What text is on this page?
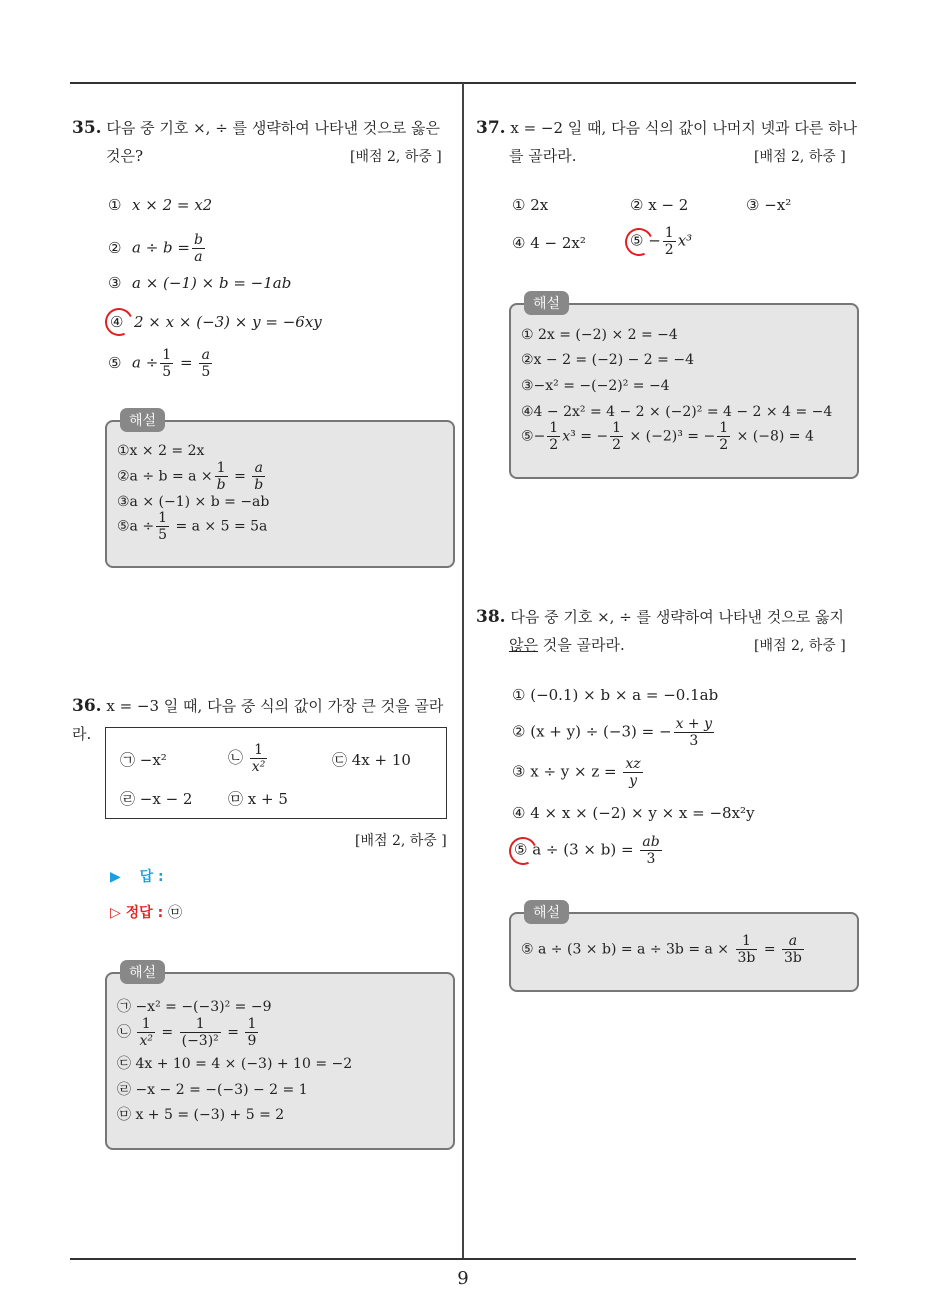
9
35. 다음 중 기호 ×, ÷ 를 생략하여 나타낸 것으로 옳은
것은?	[배점 2, 하중 ]
① x × 2 = x2
② $a \div b = \frac{b}{a}$
③ a × (−1) × b = −1ab
④ 2 × x × (−3) × y = −6xy
⑤ $a \div \frac{1}{5} = \frac{a}{5}$
해설
①x × 2 = 2x
②a ÷ $b = a \times \frac{1}{b} = \frac{a}{b}$
③a × (−1) × b = −ab
⑤a ÷ $\frac{1}{5} = a \times 5 = 5a$
36. x = −3 일 때, 다음 중 식의 값이 가장 큰 것을 골라라.
㉠ −x²	㉡ $\frac{1}{\text{x²}}$	㉢ 4x + 10
㉣ −x − 2 ㉤ x + 5
[배점 2, 하중 ]
▶ 답 :
▷ 정답 : ㉤
해설
㉠ −x² = −(−3)² = −9
㉡ $\frac{1}{\text{x²}} = \frac{1}{\text{(−3)²}} = \frac{1}{9}$
㉢ 4x + 10 = 4 × (−3) + 10 = −2
㉣ −x − 2 = −(−3) − 2 = 1
㉤ x + 5 = (−3) + 5 = 2
37. x = −2 일 때, 다음 식의 값이 나머지 넷과 다른 하나
를 골라라.	[배점 2, 하중 ]
① 2x	② x − 2	③ −x²
④ 4 − 2x²	⑤ − $\frac{1}{2} x^3$
해설
① 2x = (−2) × 2 = −4
②x − 2 = (−2) − 2 = −4
③−x² = −(−2)² = −4
④4 − 2x² = 4 − 2 × (−2)² = 4 − 2 × 4 = −4
⑤− $\frac{1}{2} x^3$ = − $\frac{1}{2} \times (-2)^3$ = − $\frac{1}{2} \times (-8) = 4$
38. 다음 중 기호 ×, ÷ 를 생략하여 나타낸 것으로 옳지
않은 것을 골라라.	[배점 2, 하중 ]
① (−0.1) × b × a = −0.1ab
② (x + y) ÷ (−3) = − $\frac{x + y}{3}$
③ $x \div y \times z = \frac{xz}{y}$
④ 4 × x × (−2) × y × x = −8x²y
⑤ $a \div (3 \times b) = \frac{ab}{3}$
해설
⑤ $a \div (3 \times b) = a \div 3b = a \times \frac{1}{3b} = \frac{a}{3b}$
